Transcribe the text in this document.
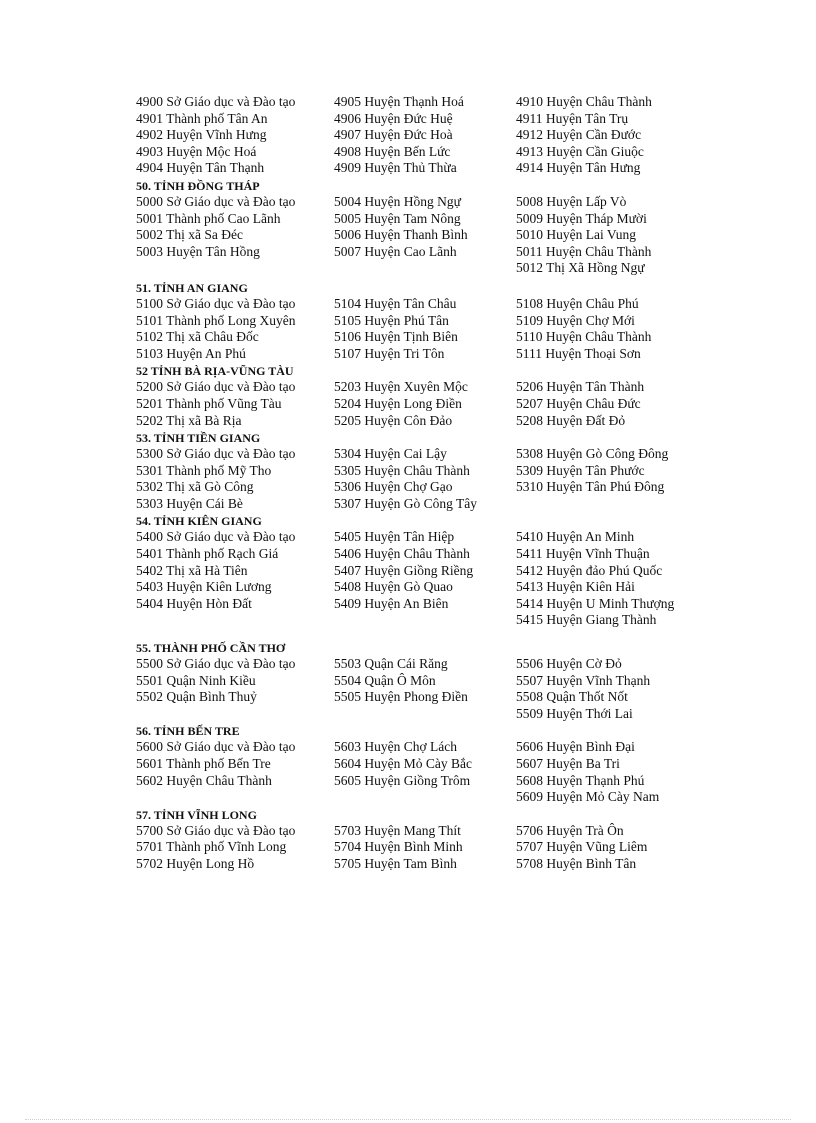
4900 Sở Giáo dục và Đào tạo	4905 Huyện Thạnh Hoá	4910 Huyện Châu Thành
4901 Thành phố Tân An	4906 Huyện Đức Huệ	4911 Huyện Tân Trụ
4902 Huyện Vĩnh Hưng	4907 Huyện Đức Hoà	4912 Huyện Cần Đước
4903 Huyện Mộc Hoá	4908 Huyện Bến Lức	4913 Huyện Cần Giuộc
4904 Huyện Tân Thạnh	4909 Huyện Thủ Thừa	4914 Huyện Tân Hưng
50. TỈNH ĐỒNG THÁP
5000 Sở Giáo dục và Đào tạo	5004 Huyện Hồng Ngự	5008 Huyện Lấp Vò
5001 Thành phố Cao Lãnh	5005 Huyện Tam Nông	5009 Huyện Tháp Mười
5002 Thị xã Sa Đéc	5006 Huyện Thanh Bình	5010 Huyện Lai Vung
5003 Huyện Tân Hồng	5007 Huyện Cao Lãnh	5011 Huyện Châu Thành
5012 Thị Xã Hồng Ngự
51. TỈNH AN GIANG
5100 Sở Giáo dục và Đào tạo	5104 Huyện Tân Châu	5108 Huyện Châu Phú
5101 Thành phố Long Xuyên	5105 Huyện Phú Tân	5109 Huyện Chợ Mới
5102 Thị xã Châu Đốc	5106 Huyện Tịnh Biên	5110 Huyện Châu Thành
5103 Huyện An Phú	5107 Huyện Tri Tôn	5111 Huyện Thoại Sơn
52 TỈNH BÀ RỊA-VŨNG TÀU
5200 Sở Giáo dục và Đào tạo	5203 Huyện Xuyên Mộc	5206 Huyện Tân Thành
5201 Thành phố Vũng Tàu	5204 Huyện Long Điền	5207 Huyện Châu Đức
5202 Thị xã Bà Rịa	5205 Huyện Côn Đảo	5208 Huyện Đất Đỏ
53. TỈNH TIỀN GIANG
5300 Sở Giáo dục và Đào tạo	5304 Huyện Cai Lậy	5308 Huyện Gò Công Đông
5301 Thành phố Mỹ Tho	5305 Huyện Châu Thành	5309 Huyện Tân Phước
5302 Thị xã Gò Công	5306 Huyện Chợ Gạo	5310 Huyện Tân Phú Đông
5303 Huyện Cái Bè	5307 Huyện Gò Công Tây
54. TỈNH KIÊN GIANG
5400 Sở Giáo dục và Đào tạo	5405 Huyện Tân Hiệp	5410 Huyện An Minh
5401 Thành phố Rạch Giá	5406 Huyện Châu Thành	5411 Huyện Vĩnh Thuận
5402 Thị xã Hà Tiên	5407 Huyện Giồng Riềng	5412 Huyện đảo Phú Quốc
5403 Huyện Kiên Lương	5408 Huyện Gò Quao	5413 Huyện Kiên Hải
5404 Huyện Hòn Đất	5409 Huyện An Biên	5414 Huyện U Minh Thượng
5415 Huyện Giang Thành
55. THÀNH PHỐ CẦN THƠ
5500 Sở Giáo dục và Đào tạo	5503 Quận Cái Răng	5506 Huyện Cờ Đỏ
5501 Quận Ninh Kiều	5504 Quận Ô Môn	5507 Huyện Vĩnh Thạnh
5502 Quận Bình Thuỷ	5505 Huyện Phong Điền	5508 Quận Thốt Nốt
5509 Huyện Thới Lai
56. TỈNH BẾN TRE
5600 Sở Giáo dục và Đào tạo	5603 Huyện Chợ Lách	5606 Huyện Bình Đại
5601 Thành phố Bến Tre	5604 Huyện Mỏ Cày Bắc	5607 Huyện Ba Tri
5602 Huyện Châu Thành	5605 Huyện Giồng Trôm	5608 Huyện Thạnh Phú
5609 Huyện Mỏ Cày Nam
57. TỈNH VĨNH LONG
5700 Sở Giáo dục và Đào tạo	5703 Huyện Mang Thít	5706 Huyện Trà Ôn
5701 Thành phố Vĩnh Long	5704 Huyện Bình Minh	5707 Huyện Vũng Liêm
5702 Huyện Long Hồ	5705 Huyện Tam Bình	5708 Huyện Bình Tân
